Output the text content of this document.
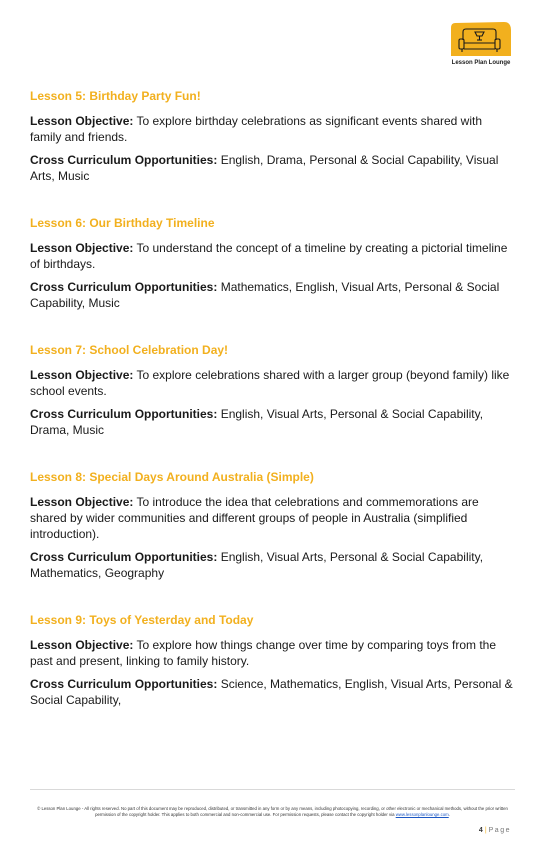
Lesson Plan Lounge
Lesson 5: Birthday Party Fun!
Lesson Objective: To explore birthday celebrations as significant events shared with family and friends.
Cross Curriculum Opportunities: English, Drama, Personal & Social Capability, Visual Arts, Music
Lesson 6: Our Birthday Timeline
Lesson Objective: To understand the concept of a timeline by creating a pictorial timeline of birthdays.
Cross Curriculum Opportunities: Mathematics, English, Visual Arts, Personal & Social Capability, Music
Lesson 7: School Celebration Day!
Lesson Objective: To explore celebrations shared with a larger group (beyond family) like school events.
Cross Curriculum Opportunities: English, Visual Arts, Personal & Social Capability, Drama, Music
Lesson 8: Special Days Around Australia (Simple)
Lesson Objective: To introduce the idea that celebrations and commemorations are shared by wider communities and different groups of people in Australia (simplified introduction).
Cross Curriculum Opportunities: English, Visual Arts, Personal & Social Capability, Mathematics, Geography
Lesson 9: Toys of Yesterday and Today
Lesson Objective: To explore how things change over time by comparing toys from the past and present, linking to family history.
Cross Curriculum Opportunities: Science, Mathematics, English, Visual Arts, Personal & Social Capability,
© Lesson Plan Lounge - All rights reserved. No part of this document may be reproduced, distributed, or transmitted in any form or by any means, including photocopying, recording, or other electronic or mechanical methods, without the prior written permission of the copyright holder. This applies to both commercial and non-commercial use. For permission requests, please contact the copyright holder via www.lessonplanlounge.com.
4 | Page
